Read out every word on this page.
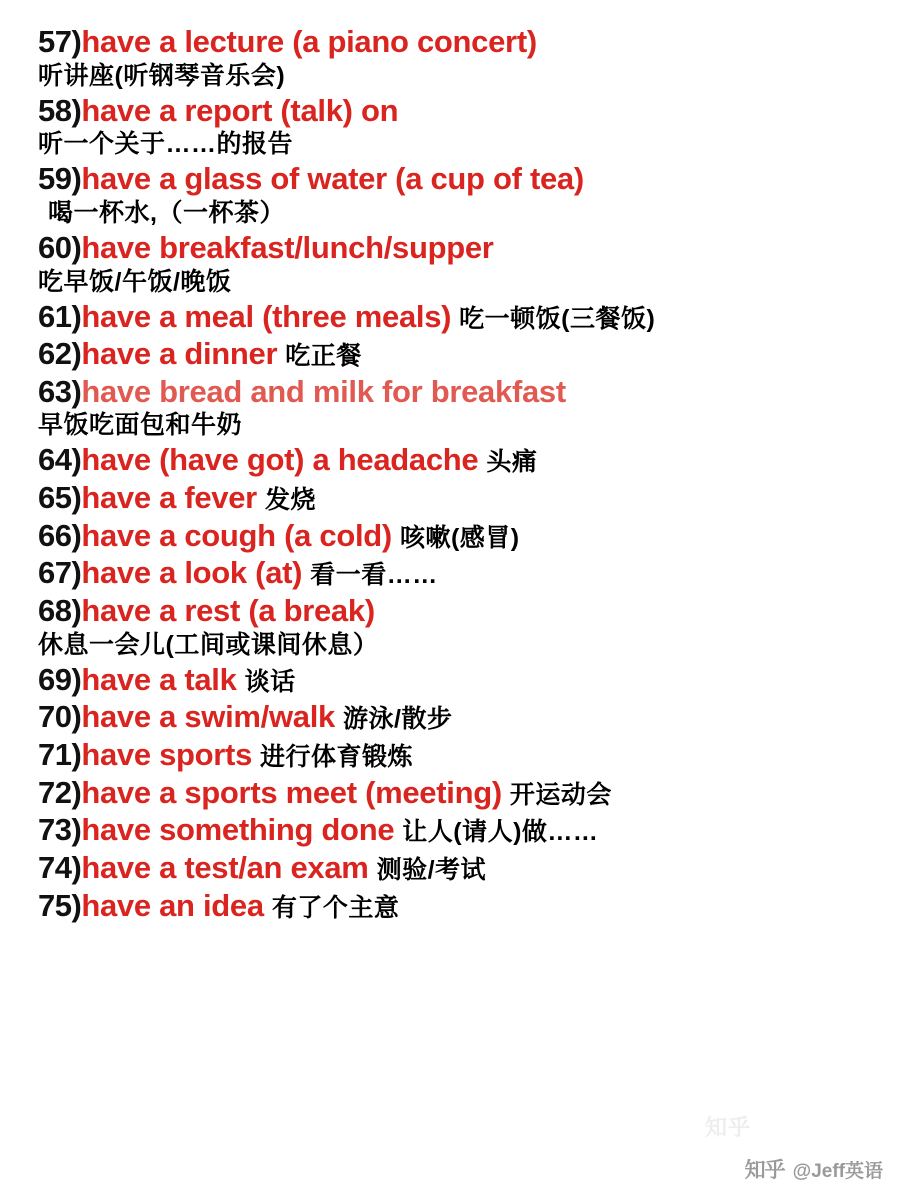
57)have a lecture (a piano concert)
听讲座(听钢琴音乐会)
58)have a report (talk) on
听一个关于……的报告
59)have a glass of water (a cup of tea)
喝一杯水,（一杯茶）
60)have breakfast/lunch/supper
吃早饭/午饭/晚饭
61)have a meal (three meals) 吃一顿饭(三餐饭)
62)have a dinner 吃正餐
63)have bread and milk for breakfast
早饭吃面包和牛奶
64)have (have got) a headache 头痛
65)have a fever 发烧
66)have a cough (a cold) 咳嗽(感冒)
67)have a look (at) 看一看……
68)have a rest (a break)
休息一会儿(工间或课间休息）
69)have a talk 谈话
70)have a swim/walk 游泳/散步
71)have sports 进行体育锻炼
72)have a sports meet (meeting) 开运动会
73)have something done 让人(请人)做……
74)have a test/an exam 测验/考试
75)have an idea 有了个主意
知乎
知乎 @Jeff英语
